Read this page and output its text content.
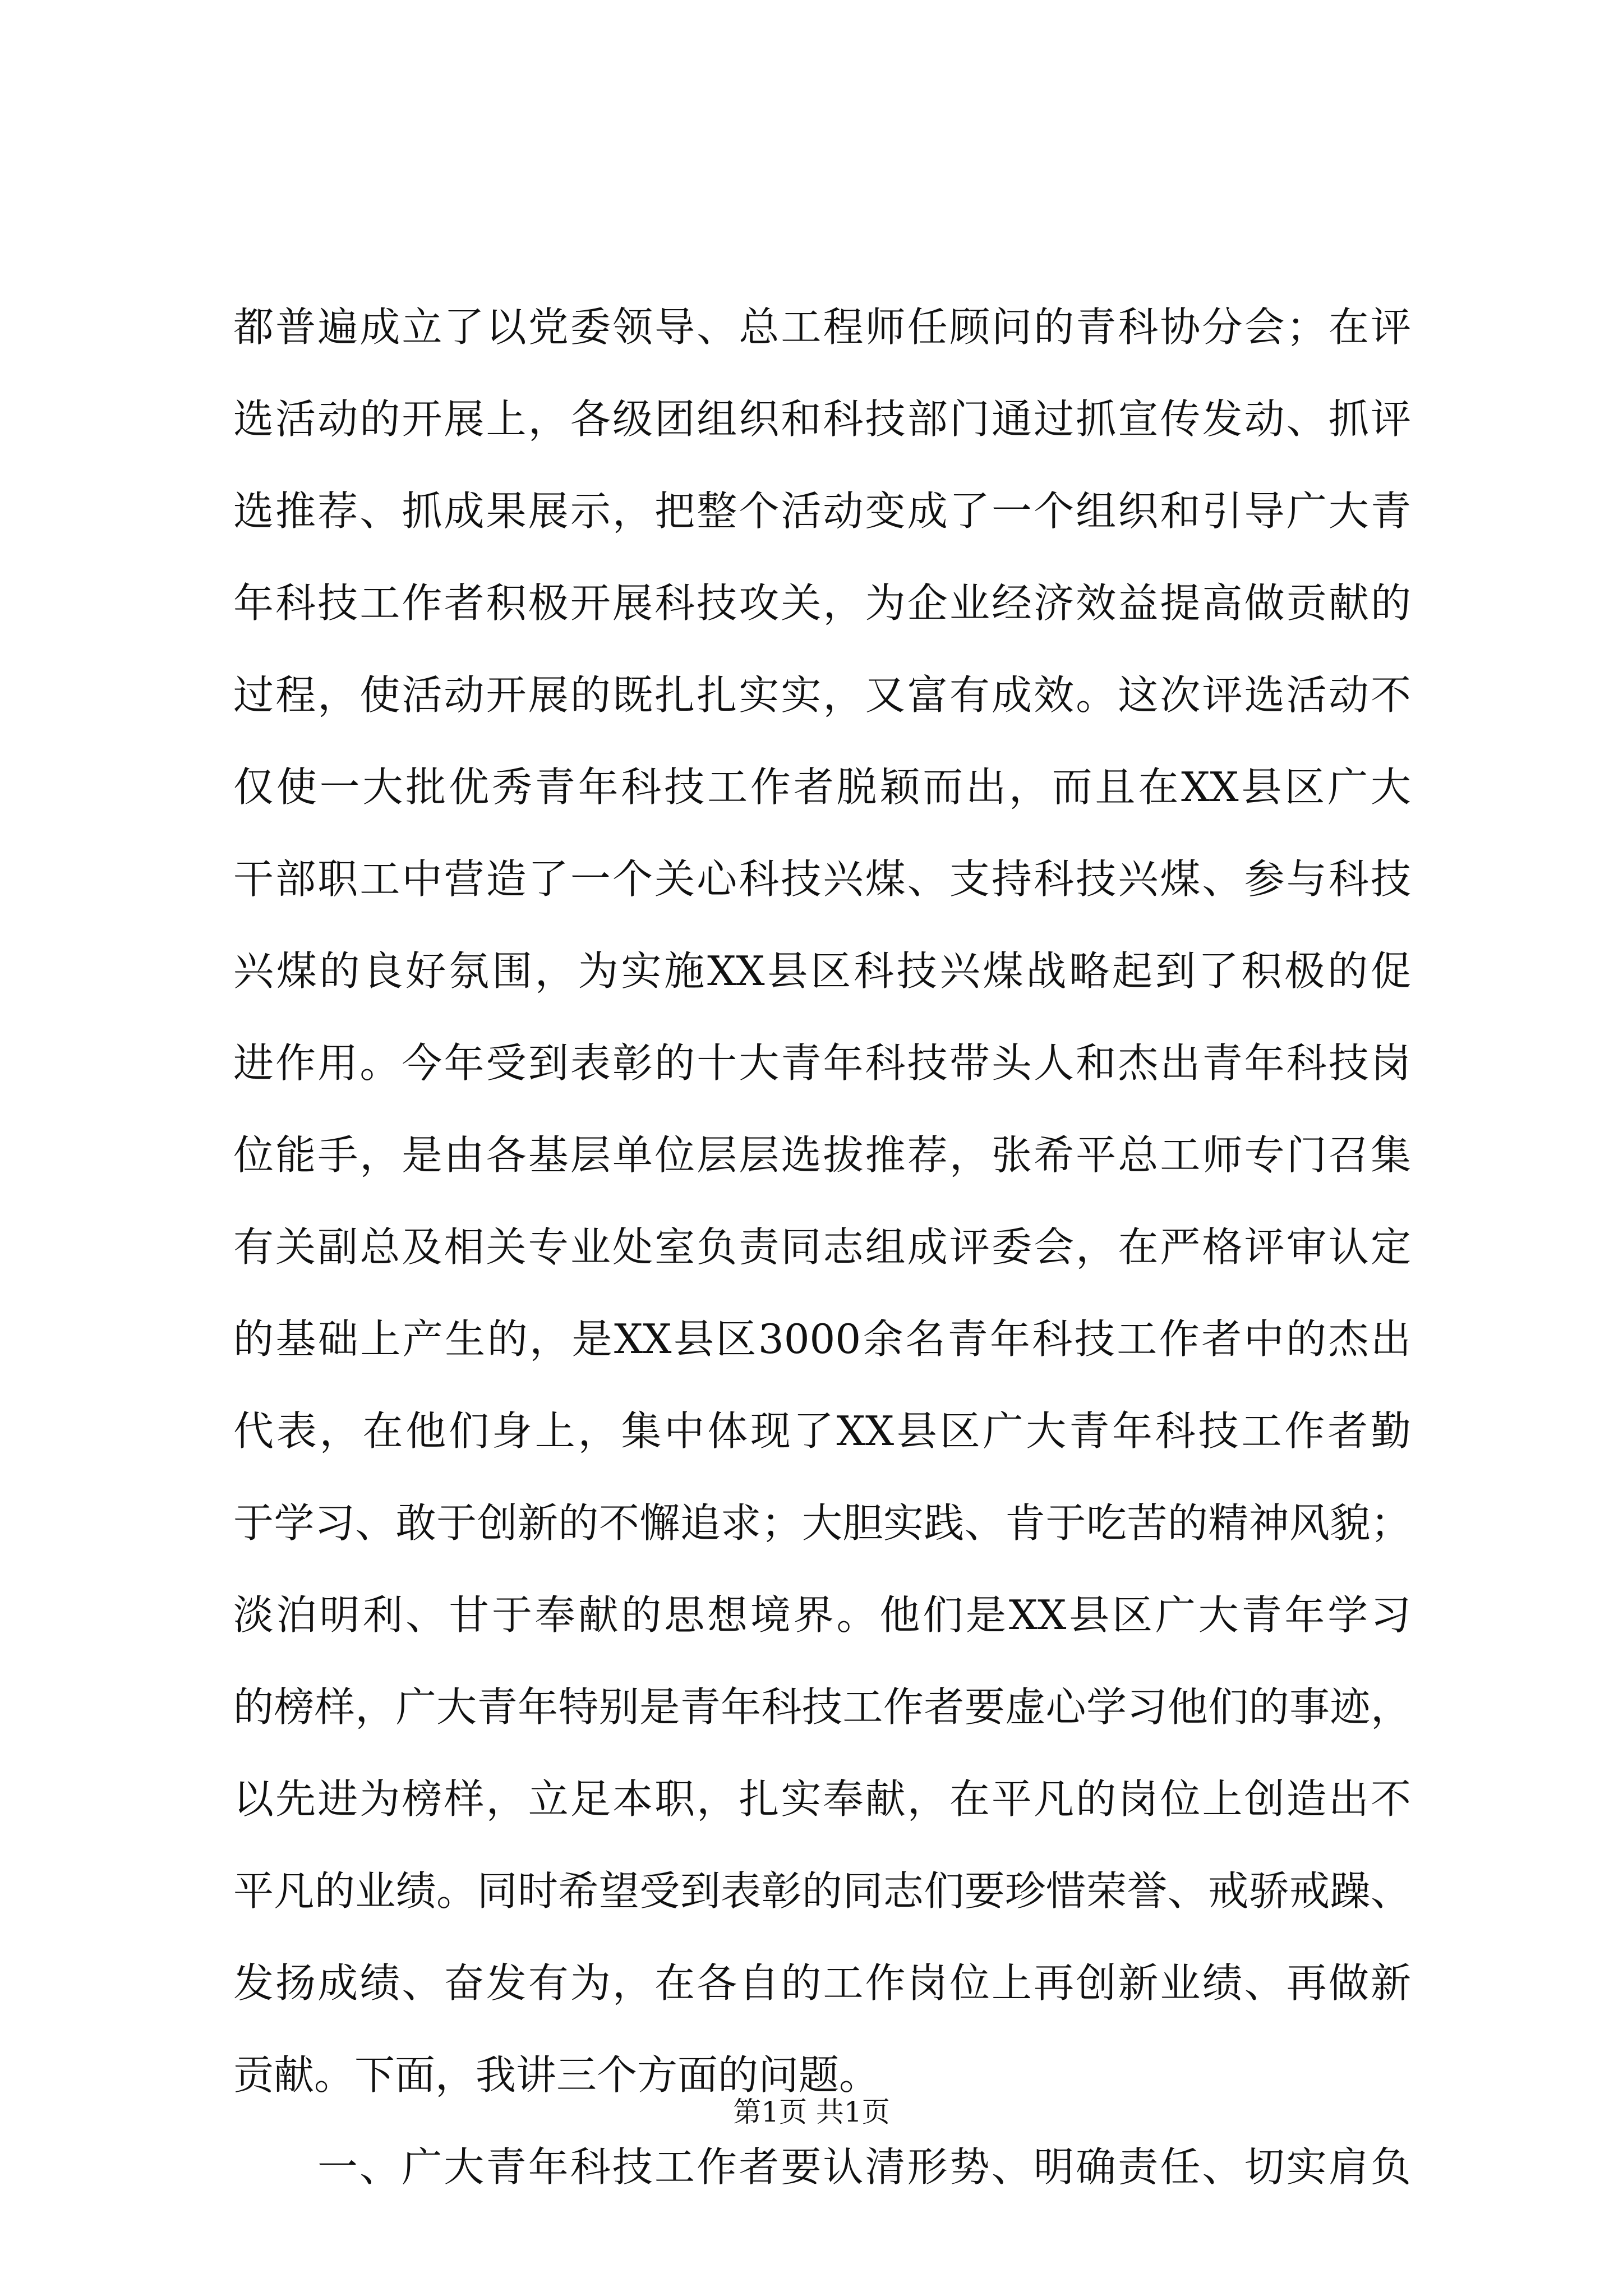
都普遍成立了以党委领导、总工程师任顾问的青科协分会；在评
选活动的开展上，各级团组织和科技部门通过抓宣传发动、抓评
选推荐、抓成果展示，把整个活动变成了一个组织和引导广大青
年科技工作者积极开展科技攻关，为企业经济效益提高做贡献的
过程，使活动开展的既扎扎实实，又富有成效。这次评选活动不
仅使一大批优秀青年科技工作者脱颖而出，而且在XX县区广大
干部职工中营造了一个关心科技兴煤、支持科技兴煤、参与科技
兴煤的良好氛围，为实施XX县区科技兴煤战略起到了积极的促
进作用。今年受到表彰的十大青年科技带头人和杰出青年科技岗
位能手，是由各基层单位层层选拔推荐，张希平总工师专门召集
有关副总及相关专业处室负责同志组成评委会，在严格评审认定
的基础上产生的，是XX县区3000余名青年科技工作者中的杰出
代表，在他们身上，集中体现了XX县区广大青年科技工作者勤
于学习、敢于创新的不懈追求；大胆实践、肯于吃苦的精神风貌；
淡泊明利、甘于奉献的思想境界。他们是XX县区广大青年学习
的榜样，广大青年特别是青年科技工作者要虚心学习他们的事迹，
以先进为榜样，立足本职，扎实奉献，在平凡的岗位上创造出不
平凡的业绩。同时希望受到表彰的同志们要珍惜荣誉、戒骄戒躁、
发扬成绩、奋发有为，在各自的工作岗位上再创新业绩、再做新
贡献。下面，我讲三个方面的问题。
一、广大青年科技工作者要认清形势、明确责任、切实肩负
第1页 共1页
